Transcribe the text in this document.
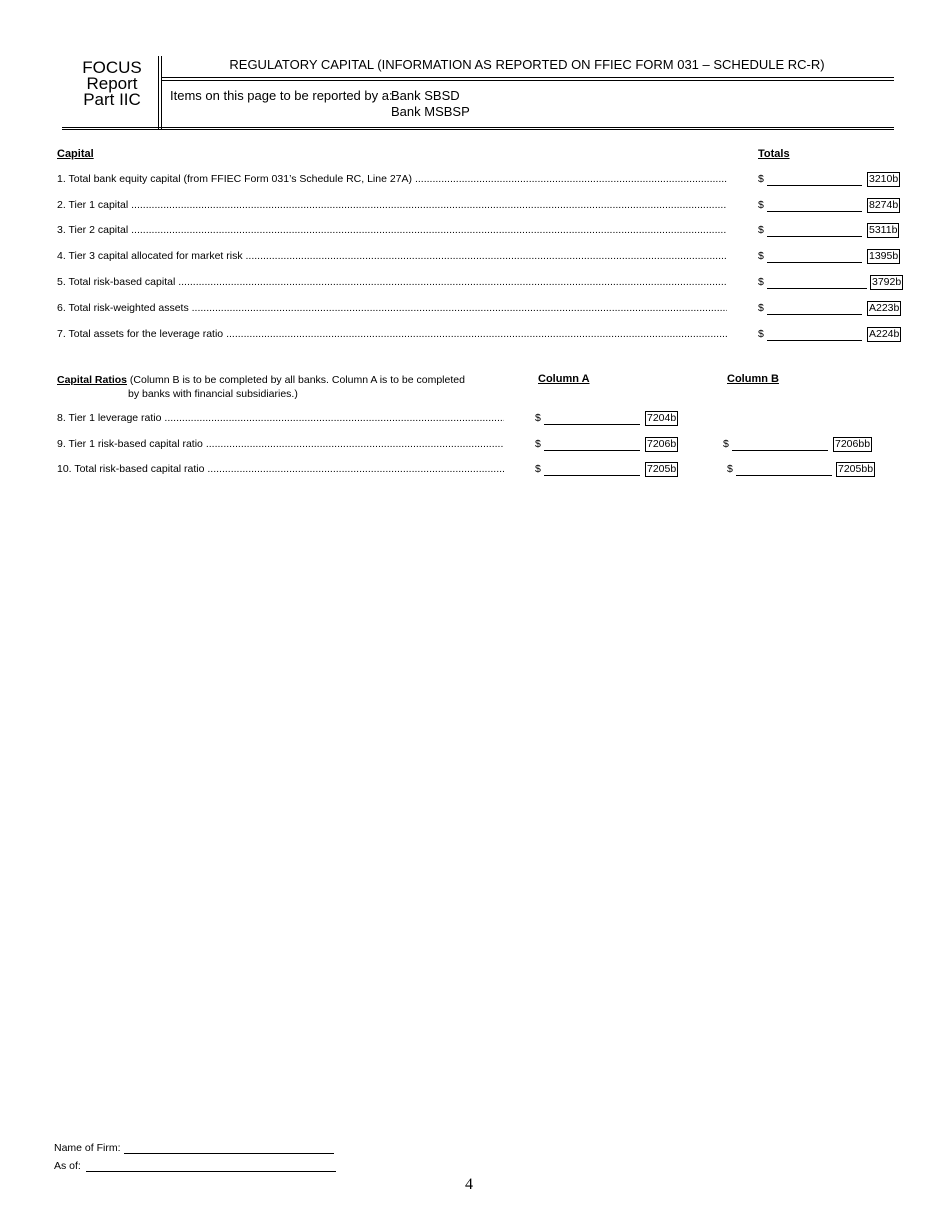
FOCUS
Report
Part IIC
REGULATORY CAPITAL (INFORMATION AS REPORTED ON FFIEC FORM 031 – SCHEDULE RC-R)
Items on this page to be reported by a:
Bank SBSD
Bank MSBSP
Capital	Totals
1. Total bank equity capital (from FFIEC Form 031’s Schedule RC, Line 27A) .....	$	3210b
2. Tier 1 capital .....	$	8274b
3. Tier 2 capital .....	$	5311b
4. Tier 3 capital allocated for market risk .....	$	1395b
5. Total risk-based capital .....	$	3792b
6. Total risk-weighted assets .....	$	A223b
7. Total assets for the leverage ratio .....	$	A224b
Capital Ratios (Column B is to be completed by all banks. Column A is to be completed
by banks with financial subsidiaries.)
Column A	Column B
8. Tier 1 leverage ratio .....	$	7204b
9. Tier 1 risk-based capital ratio .....	$	7206b	$	7206bb
10. Total risk-based capital ratio .....	$	7205b	$	7205bb
Name of Firm:
As of:
4
